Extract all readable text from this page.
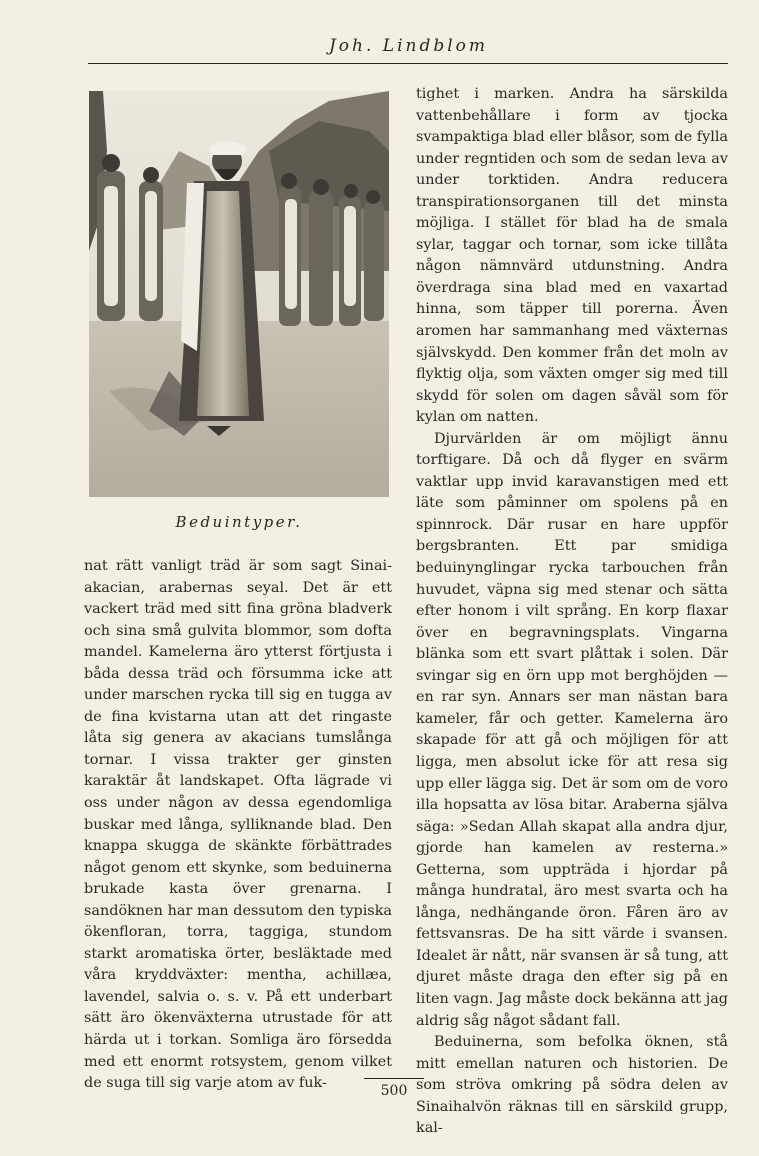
Joh. Lindblom
Beduintyper.

nat rätt vanligt träd är som sagt Sinai-akacian, arabernas seyal. Det är ett vackert träd med sitt fina gröna bladverk och sina små gulvita blommor, som dofta mandel. Kamelerna äro ytterst förtjusta i båda dessa träd och försumma icke att under marschen rycka till sig en tugga av de fina kvistarna utan att det ringaste låta sig genera av akacians tumslånga tornar. I vissa trakter ger ginsten karaktär åt landskapet. Ofta lägrade vi oss under någon av dessa egendomliga buskar med långa, sylliknande blad. Den knappa skugga de skänkte förbättrades något genom ett skynke, som beduinerna brukade kasta över grenarna. I sandöknen har man dessutom den typiska ökenfloran, torra, taggiga, stundom starkt aromatiska örter, besläktade med våra kryddväxter: mentha, achillæa, lavendel, salvia o. s. v. På ett underbart sätt äro ökenväxterna utrustade för att härda ut i torkan. Somliga äro försedda med ett enormt rotsystem, genom vilket de suga till sig varje atom av fuk-

tighet i marken. Andra ha särskilda vattenbehållare i form av tjocka svampaktiga blad eller blåsor, som de fylla under regntiden och som de sedan leva av under torktiden. Andra reducera transpirationsorganen till det minsta möjliga. I stället för blad ha de smala sylar, taggar och tornar, som icke tillåta någon nämnvärd utdunstning. Andra överdraga sina blad med en vaxartad hinna, som täpper till porerna. Även aromen har sammanhang med växternas självskydd. Den kommer från det moln av flyktig olja, som växten omger sig med till skydd för solen om dagen såväl som för kylan om natten.

Djurvärlden är om möjligt ännu torftigare. Då och då flyger en svärm vaktlar upp invid karavanstigen med ett läte som påminner om spolens på en spinnrock. Där rusar en hare uppför bergsbranten. Ett par smidiga beduinynglingar rycka tarbouchen från huvudet, väpna sig med stenar och sätta efter honom i vilt språng. En korp flaxar över en begravningsplats. Vingarna blänka som ett svart plåttak i solen. Där svingar sig en örn upp mot berghöjden — en rar syn. Annars ser man nästan bara kameler, får och getter. Kamelerna äro skapade för att gå och möjligen för att ligga, men absolut icke för att resa sig upp eller lägga sig. Det är som om de voro illa hopsatta av lösa bitar. Araberna själva säga: »Sedan Allah skapat alla andra djur, gjorde han kamelen av resterna.» Getterna, som uppträda i hjordar på många hundratal, äro mest svarta och ha långa, nedhängande öron. Fåren äro av fettsvansras. De ha sitt värde i svansen. Idealet är nått, när svansen är så tung, att djuret måste draga den efter sig på en liten vagn. Jag måste dock bekänna att jag aldrig såg något sådant fall.

Beduinerna, som befolka öknen, stå mitt emellan naturen och historien. De som ströva omkring på södra delen av Sinaihalvön räknas till en särskild grupp, kal-

500
